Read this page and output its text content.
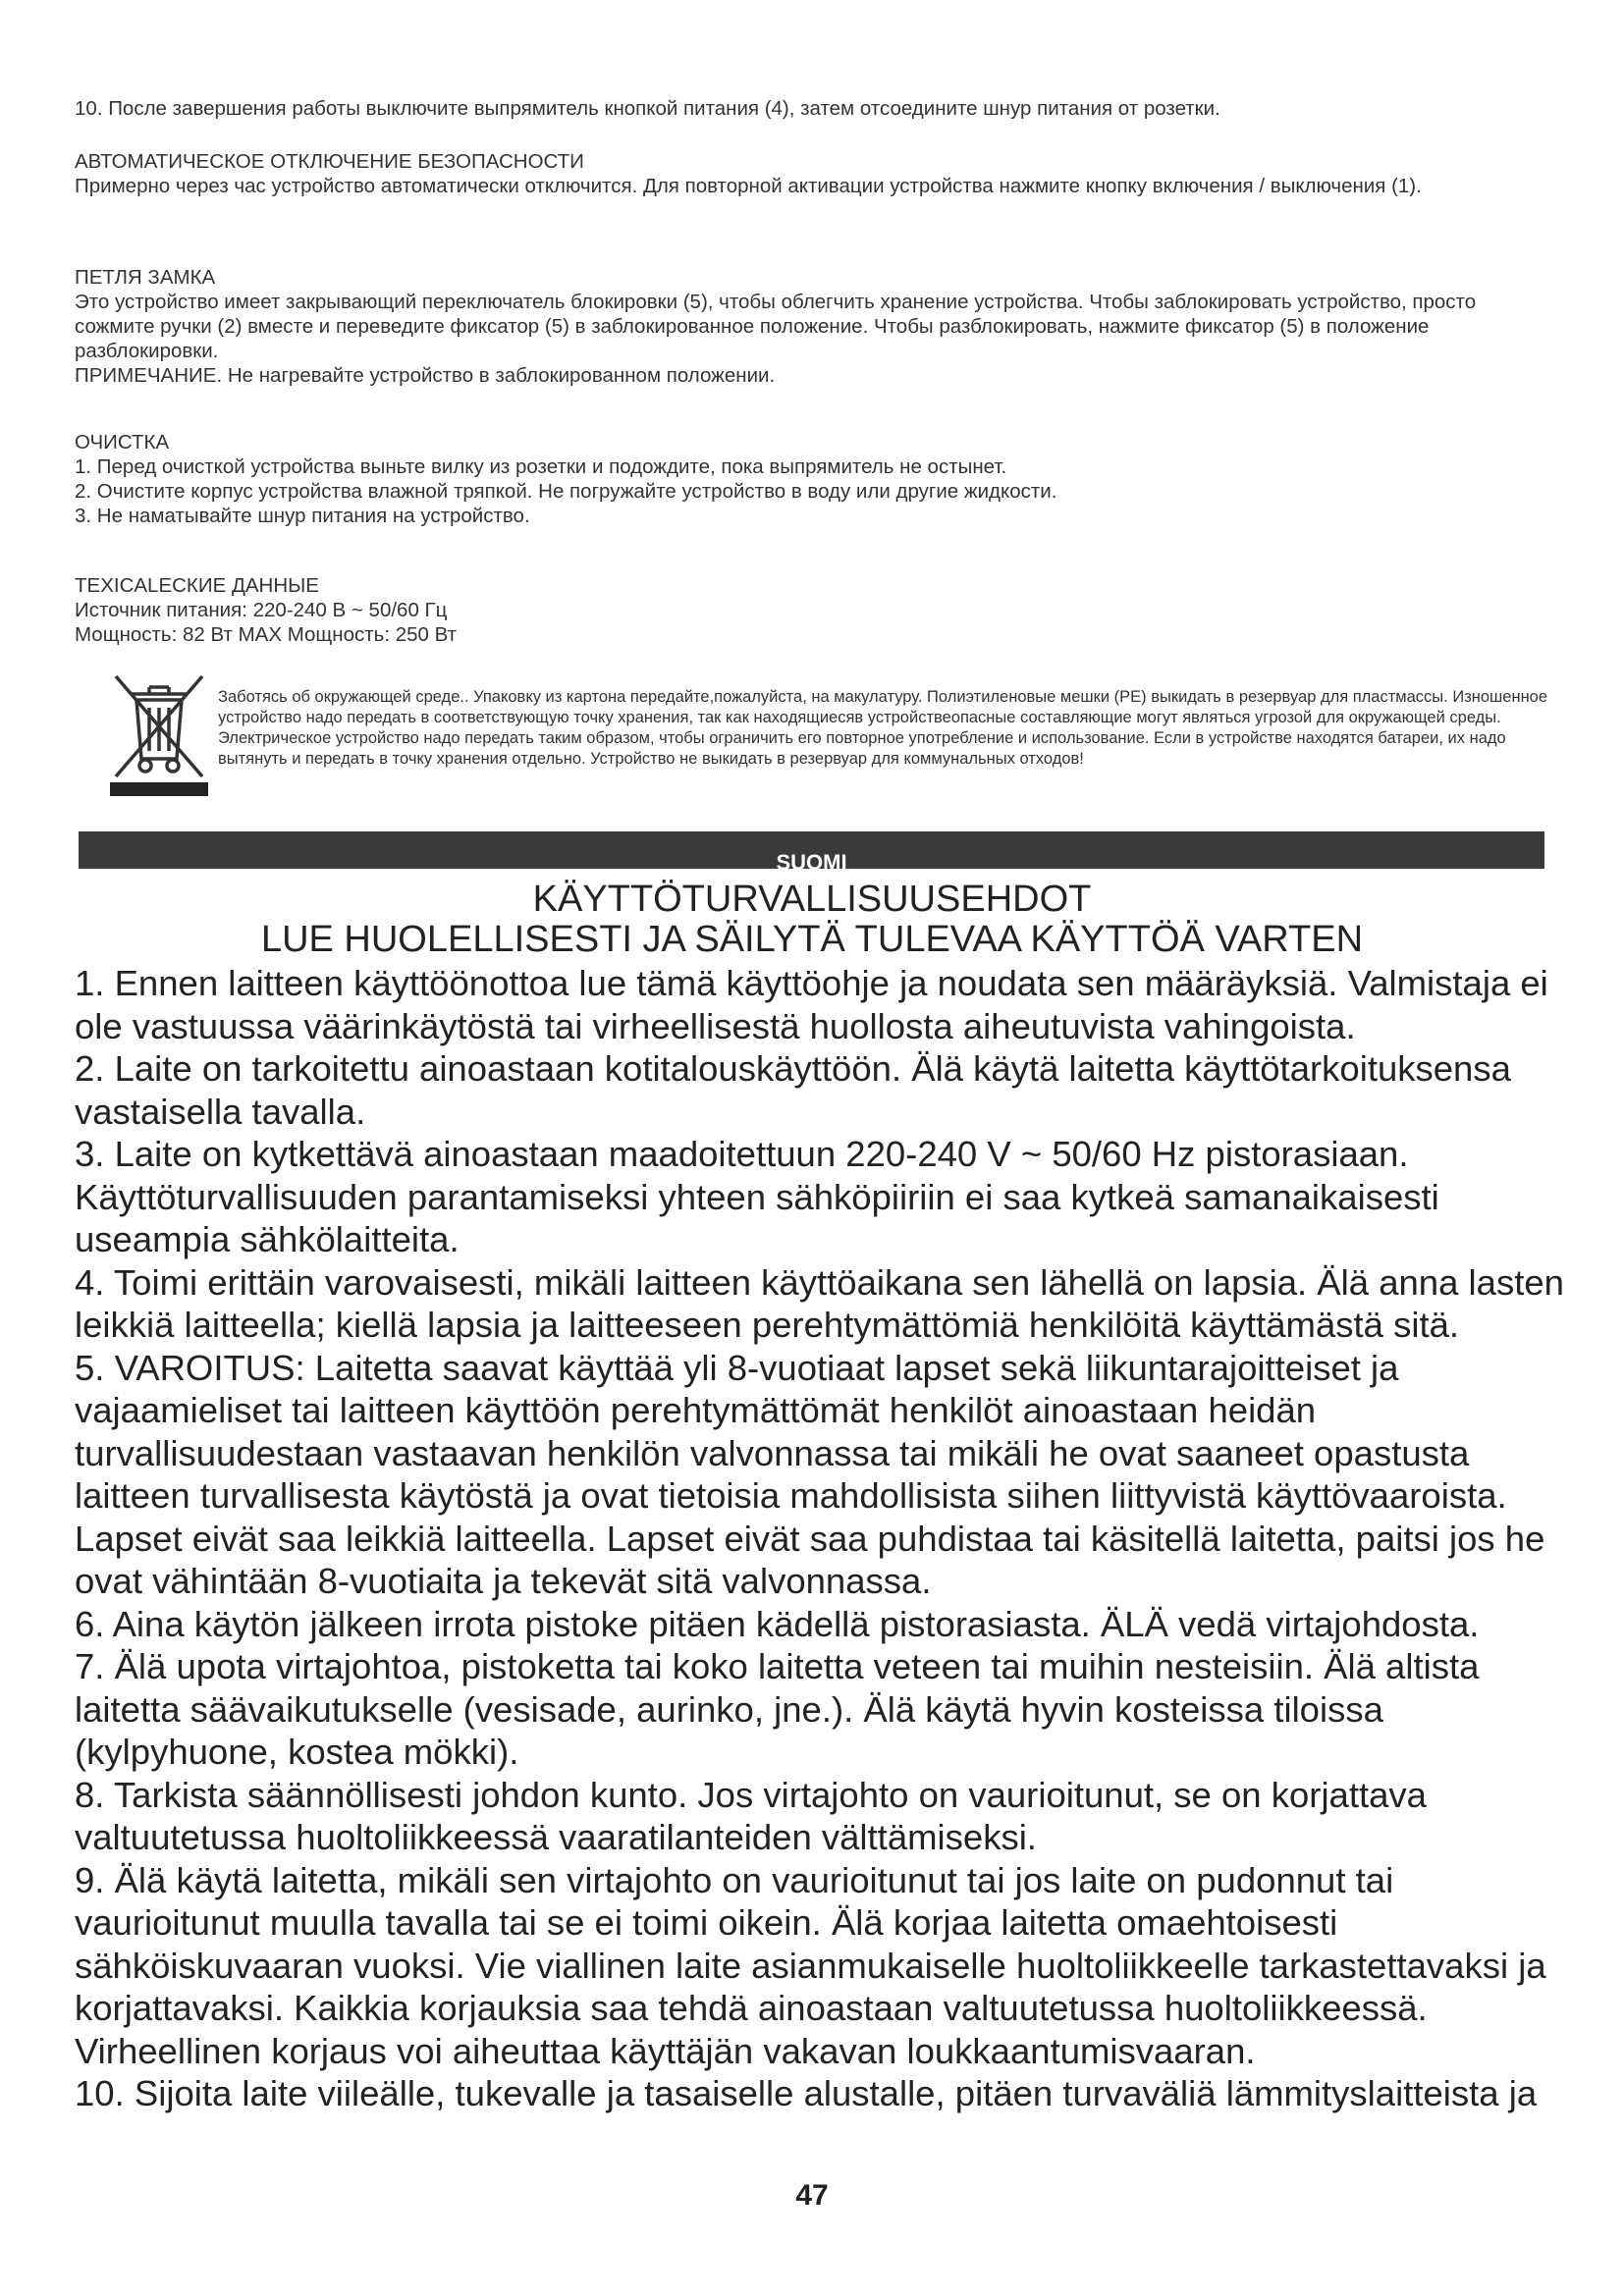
10. После завершения работы выключите выпрямитель кнопкой питания (4), затем отсоедините шнур питания от розетки.

АВТОМАТИЧЕСКОЕ ОТКЛЮЧЕНИЕ БЕЗОПАСНОСТИ

Примерно через час устройство автоматически отключится. Для повторной активации устройства нажмите кнопку включения / выключения (1).

ПЕТЛЯ ЗАМКА

Это устройство имеет закрывающий переключатель блокировки (5), чтобы облегчить хранение устройства. Чтобы заблокировать устройство, просто сожмите ручки (2) вместе и переведите фиксатор (5) в заблокированное положение. Чтобы разблокировать, нажмите фиксатор (5) в положение разблокировки.

ПРИМЕЧАНИЕ. Не нагревайте устройство в заблокированном положении.

ОЧИСТКА

1. Перед очисткой устройства выньте вилку из розетки и подождите, пока выпрямитель не остынет.

2. Очистите корпус устройства влажной тряпкой. Не погружайте устройство в воду или другие жидкости.

3. Не наматывайте шнур питания на устройство.

ТЕXICALЕСКИЕ ДАННЫЕ

Источник питания: 220-240 В ~ 50/60 Гц

Мощность: 82 Вт MAX Мощность: 250 Вт

Заботясь об окружающей среде.. Упаковку из картона передайте,пожалуйста, на макулатуру. Полиэтиленовые мешки (PE) выкидать в резервуар для пластмассы. Изношенное устройство надо передать в соответствующую точку хранения, так как находящиесяв устройствеопасные составляющие могут являться угрозой для окружающей среды. Электрическое устройство надо передать таким образом, чтобы ограничить его повторное употребление и использование. Если в устройстве находятся батареи, их надо вытянуть и передать в точку хранения отдельно. Устройство не выкидать в резервуар для коммунальных отходов!

SUOMI
KÄYTTÖTURVALLISUUSEHDOT
LUE HUOLELLISESTI JA SÄILYTÄ TULEVAA KÄYTTÖÄ VARTEN

1. Ennen laitteen käyttöönottoa lue tämä käyttöohje ja noudata sen määräyksiä. Valmistaja ei ole vastuussa väärinkäytöstä tai virheellisestä huollosta aiheutuvista vahingoista.

2. Laite on tarkoitettu ainoastaan kotitalouskäyttöön. Älä käytä laitetta käyttötarkoituksensa vastaisella tavalla.

3. Laite on kytkettävä ainoastaan maadoitettuun 220-240 V ~ 50/60 Hz pistorasiaan. Käyttöturvallisuuden parantamiseksi yhteen sähköpiiriin ei saa kytkeä samanaikaisesti useampia sähkölaitteita.

4. Toimi erittäin varovaisesti, mikäli laitteen käyttöaikana sen lähellä on lapsia. Älä anna lasten leikkiä laitteella; kiellä lapsia ja laitteeseen perehtymättömiä henkilöitä käyttämästä sitä.

5. VAROITUS: Laitetta saavat käyttää yli 8-vuotiaat lapset sekä liikuntarajoitteiset ja vajaamieliset tai laitteen käyttöön perehtymättömät henkilöt ainoastaan heidän turvallisuudestaan vastaavan henkilön valvonnassa tai mikäli he ovat saaneet opastusta laitteen turvallisesta käytöstä ja ovat tietoisia mahdollisista siihen liittyvistä käyttövaaroista. Lapset eivät saa leikkiä laitteella. Lapset eivät saa puhdistaa tai käsitellä laitetta, paitsi jos he ovat vähintään 8-vuotiaita ja tekevät sitä valvonnassa.

6. Aina käytön jälkeen irrota pistoke pitäen kädellä pistorasiasta. ÄLÄ vedä virtajohdosta.

7. Älä upota virtajohtoa, pistoketta tai koko laitetta veteen tai muihin nesteisiin. Älä altista laitetta säävaikutukselle (vesisade, aurinko, jne.). Älä käytä hyvin kosteissa tiloissa (kylpyhuone, kostea mökki).

8. Tarkista säännöllisesti johdon kunto. Jos virtajohto on vaurioitunut, se on korjattava valtuutetussa huoltoliikkeessä vaaratilanteiden välttämiseksi.

9. Älä käytä laitetta, mikäli sen virtajohto on vaurioitunut tai jos laite on pudonnut tai vaurioitunut muulla tavalla tai se ei toimi oikein. Älä korjaa laitetta omaehtoisesti sähköiskuvaaran vuoksi. Vie viallinen laite asianmukaiselle huoltoliikkeelle tarkastettavaksi ja korjattavaksi. Kaikkia korjauksia saa tehdä ainoastaan valtuutetussa huoltoliikkeessä. Virheellinen korjaus voi aiheuttaa käyttäjän vakavan loukkaantumisvaaran.

10. Sijoita laite viileälle, tukevalle ja tasaiselle alustalle, pitäen turvaväliä lämmityslaitteista ja

47
